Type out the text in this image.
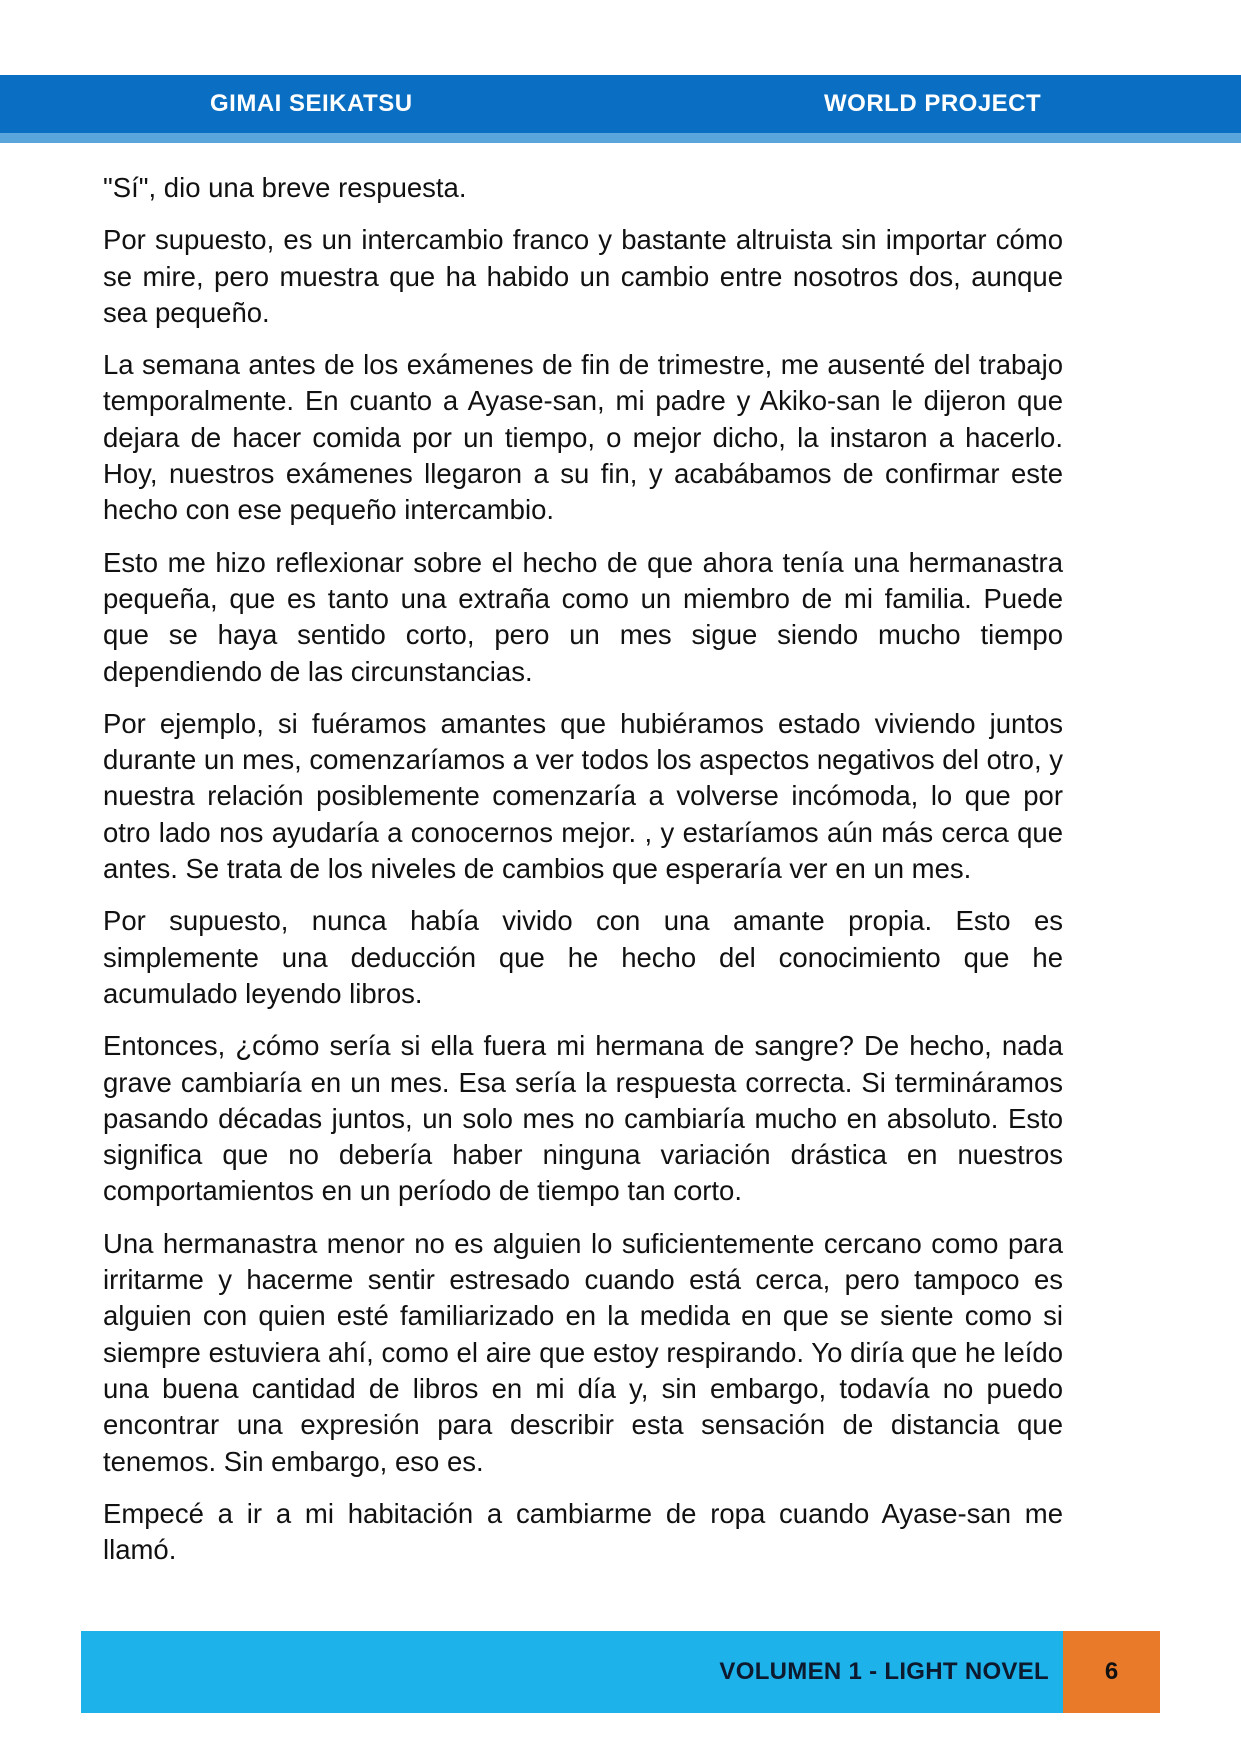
GIMAI SEIKATSU	WORLD PROJECT

"Sí", dio una breve respuesta.

Por supuesto, es un intercambio franco y bastante altruista sin importar cómo se mire, pero muestra que ha habido un cambio entre nosotros dos, aunque sea pequeño.

La semana antes de los exámenes de fin de trimestre, me ausenté del trabajo temporalmente. En cuanto a Ayase-san, mi padre y Akiko-san le dijeron que dejara de hacer comida por un tiempo, o mejor dicho, la instaron a hacerlo. Hoy, nuestros exámenes llegaron a su fin, y acabábamos de confirmar este hecho con ese pequeño intercambio.

Esto me hizo reflexionar sobre el hecho de que ahora tenía una hermanastra pequeña, que es tanto una extraña como un miembro de mi familia. Puede que se haya sentido corto, pero un mes sigue siendo mucho tiempo dependiendo de las circunstancias.

Por ejemplo, si fuéramos amantes que hubiéramos estado viviendo juntos durante un mes, comenzaríamos a ver todos los aspectos negativos del otro, y nuestra relación posiblemente comenzaría a volverse incómoda, lo que por otro lado nos ayudaría a conocernos mejor. , y estaríamos aún más cerca que antes. Se trata de los niveles de cambios que esperaría ver en un mes.

Por supuesto, nunca había vivido con una amante propia. Esto es simplemente una deducción que he hecho del conocimiento que he acumulado leyendo libros.

Entonces, ¿cómo sería si ella fuera mi hermana de sangre? De hecho, nada grave cambiaría en un mes. Esa sería la respuesta correcta. Si termináramos pasando décadas juntos, un solo mes no cambiaría mucho en absoluto. Esto significa que no debería haber ninguna variación drástica en nuestros comportamientos en un período de tiempo tan corto.

Una hermanastra menor no es alguien lo suficientemente cercano como para irritarme y hacerme sentir estresado cuando está cerca, pero tampoco es alguien con quien esté familiarizado en la medida en que se siente como si siempre estuviera ahí, como el aire que estoy respirando. Yo diría que he leído una buena cantidad de libros en mi día y, sin embargo, todavía no puedo encontrar una expresión para describir esta sensación de distancia que tenemos. Sin embargo, eso es.

Empecé a ir a mi habitación a cambiarme de ropa cuando Ayase-san me llamó.

VOLUMEN 1 - LIGHT NOVEL	6
